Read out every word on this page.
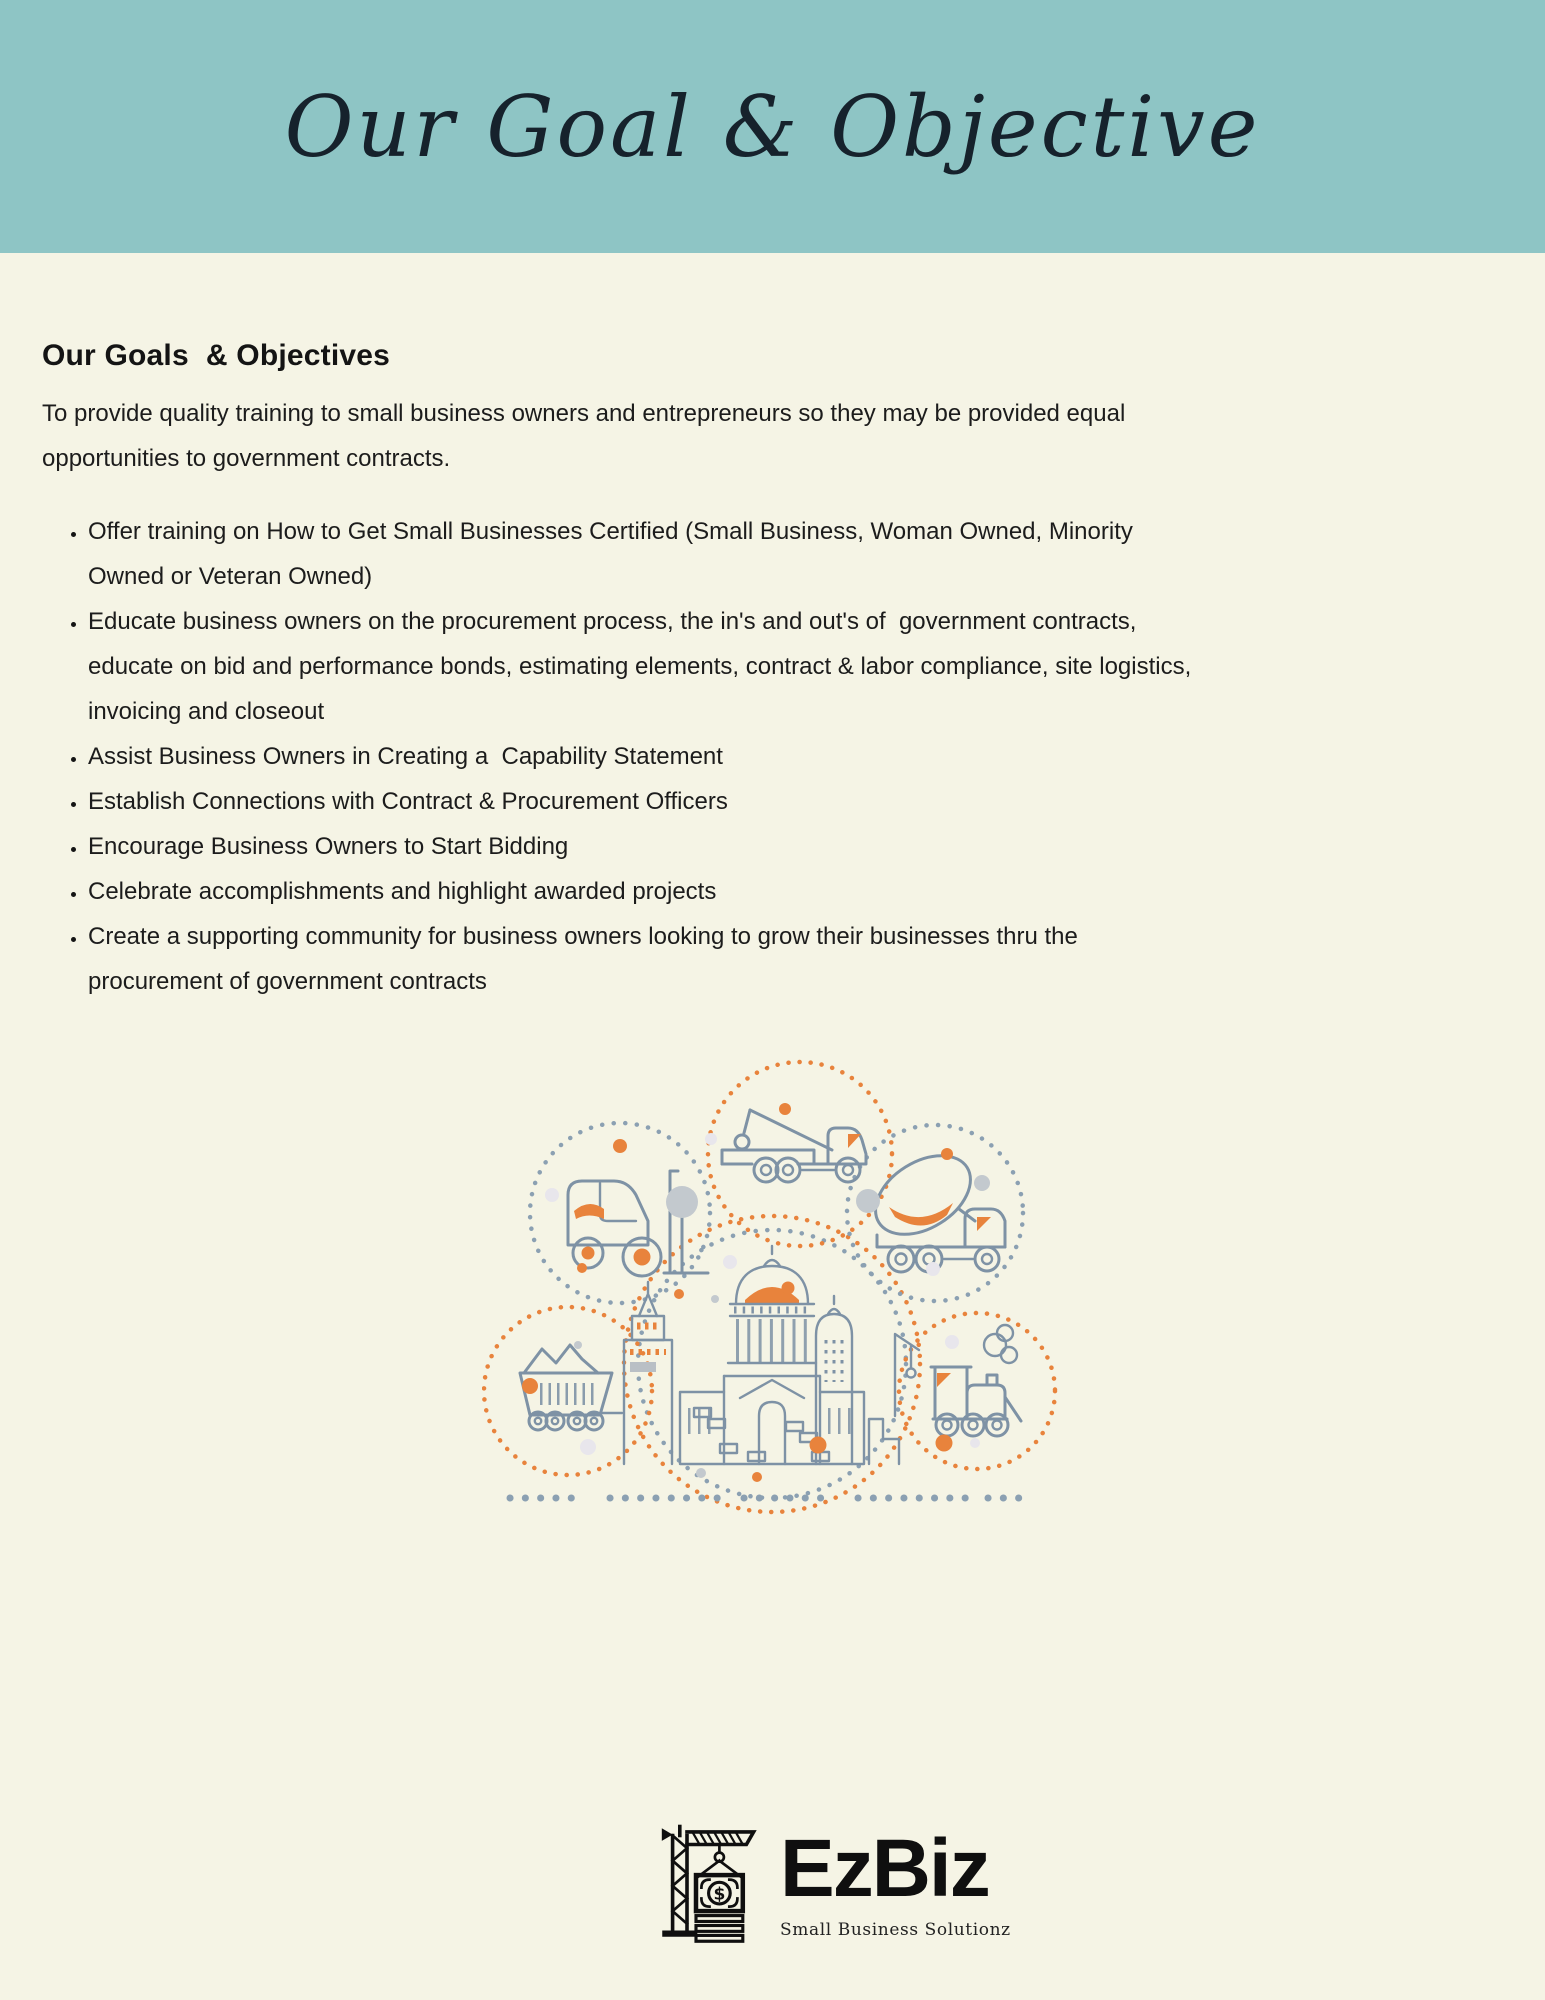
Our Goal & Objective
Our Goals  & Objectives

To provide quality training to small business owners and entrepreneurs so they may be provided equal opportunities to government contracts.

• Offer training on How to Get Small Businesses Certified (Small Business, Woman Owned, Minority Owned or Veteran Owned)
• Educate business owners on the procurement process, the in's and out's of  government contracts, educate on bid and performance bonds, estimating elements, contract & labor compliance, site logistics, invoicing and closeout
• Assist Business Owners in Creating a  Capability Statement
• Establish Connections with Contract & Procurement Officers
• Encourage Business Owners to Start Bidding
• Celebrate accomplishments and highlight awarded projects
• Create a supporting community for business owners looking to grow their businesses thru the procurement of government contracts
$ EzBiz
Small Business Solutionz
